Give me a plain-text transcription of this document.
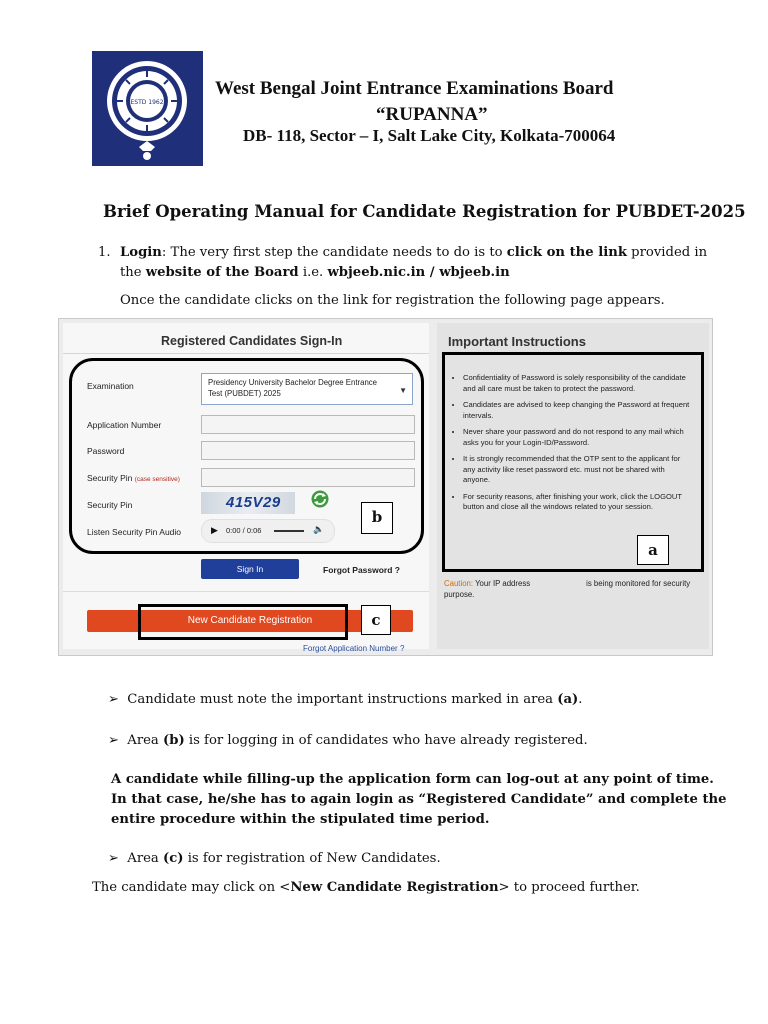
ESTD 1962
West Bengal Joint Entrance Examinations Board
“RUPANNA”
DB- 118, Sector – I, Salt Lake City, Kolkata-700064
Brief Operating Manual for Candidate Registration for PUBDET-2025
1. Login: The very first step the candidate needs to do is to click on the link provided in
the website of the Board i.e. wbjeeb.nic.in / wbjeeb.in
Once the candidate clicks on the link for registration the following page appears.
Registered Candidates Sign-In
Examination	Presidency University Bachelor Degree Entrance Test (PUBDET) 2025	▼
Application Number
Password
Security Pin (case sensitive)
Security Pin	415V29
Listen Security Pin Audio	▶ 0:00 / 0:06	🔈
b
Sign In	Forgot Password ?
New Candidate Registration	c
Forgot Application Number ?
Important Instructions
• Confidentiality of Password is solely responsibility of the candidate and all care must be taken to protect the password.
• Candidates are advised to keep changing the Password at frequent intervals.
• Never share your password and do not respond to any mail which asks you for your Login-ID/Password.
• It is strongly recommended that the OTP sent to the applicant for any activity like reset password etc. must not be shared with anyone.
• For security reasons, after finishing your work, click the LOGOUT button and close all the windows related to your session.
a
Caution: Your IP address	is being monitored for security
purpose.
➢ Candidate must note the important instructions marked in area (a).
➢ Area (b) is for logging in of candidates who have already registered.
A candidate while filling-up the application form can log-out at any point of time.
In that case, he/she has to again login as “Registered Candidate” and complete the
entire procedure within the stipulated time period.
➢ Area (c) is for registration of New Candidates.
The candidate may click on <New Candidate Registration> to proceed further.
